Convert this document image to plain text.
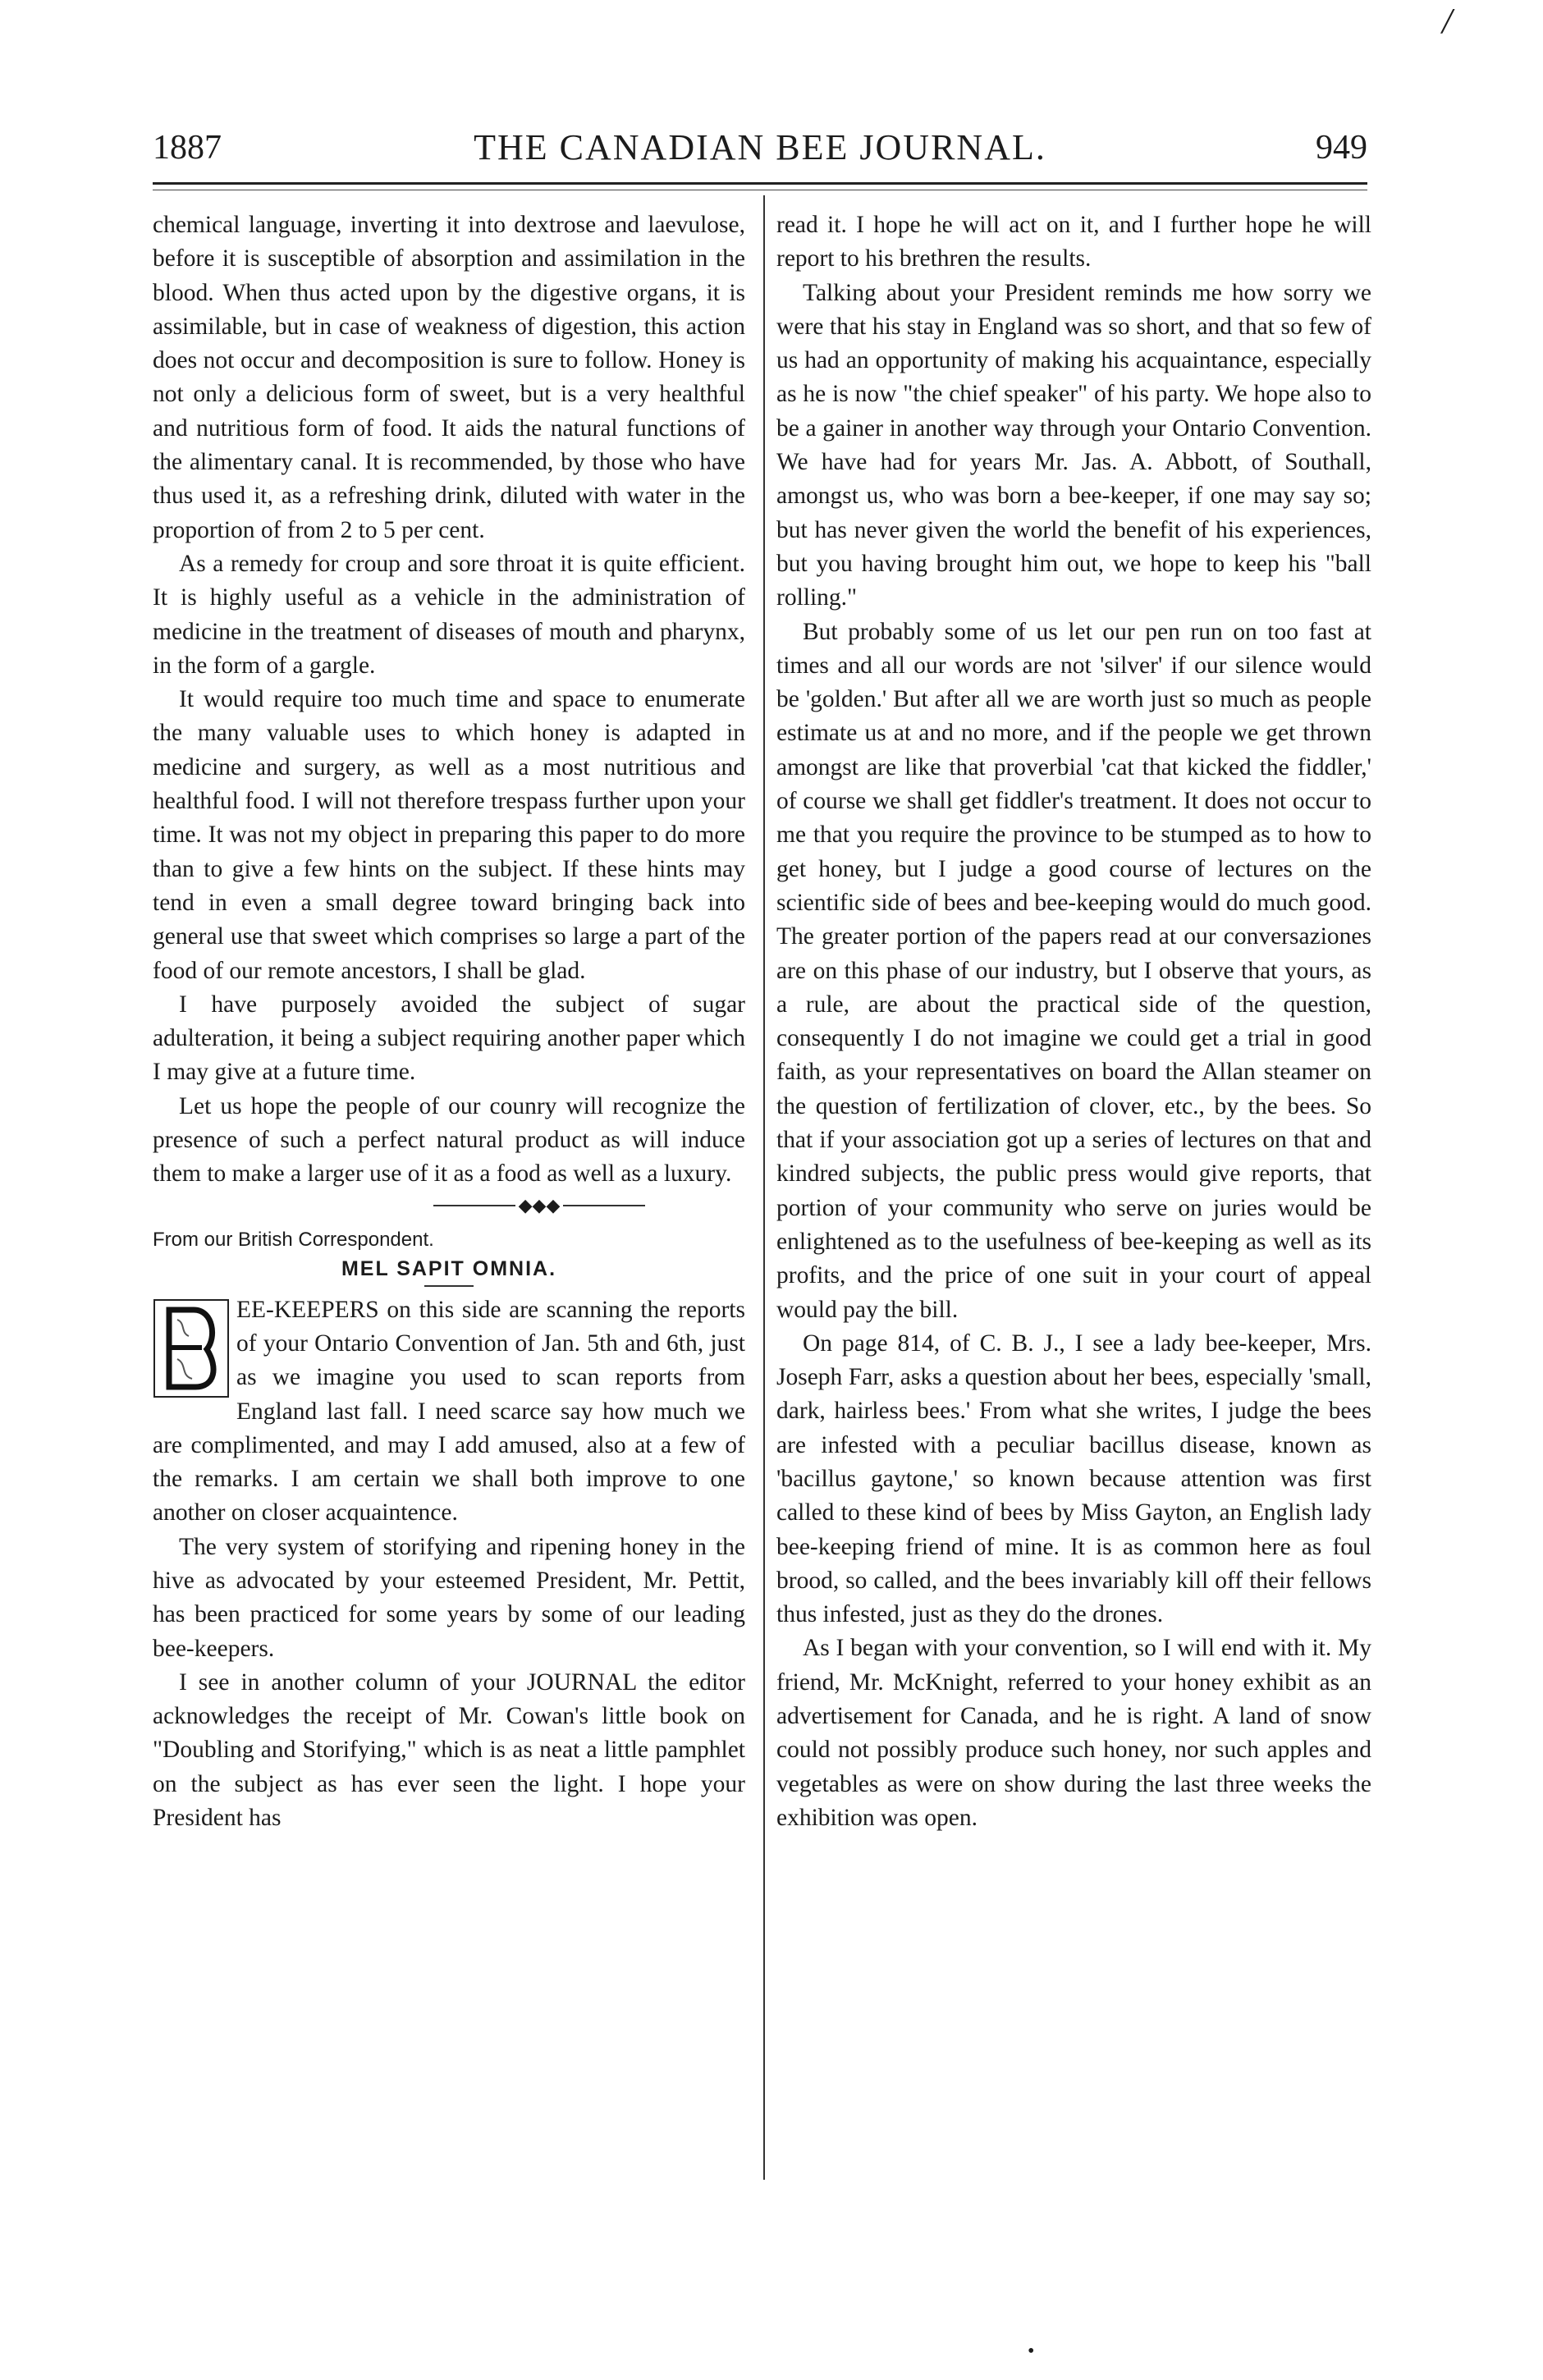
/
1887	THE CANADIAN BEE JOURNAL.	949

chemical language, inverting it into dextrose and laevulose, before it is susceptible of absorption and assimilation in the blood. When thus acted upon by the digestive organs, it is assimilable, but in case of weakness of digestion, this action does not occur and decomposition is sure to follow. Honey is not only a delicious form of sweet, but is a very healthful and nutritious form of food. It aids the natural functions of the alimentary canal. It is recommended, by those who have thus used it, as a refreshing drink, diluted with water in the proportion of from 2 to 5 per cent.

As a remedy for croup and sore throat it is quite efficient. It is highly useful as a vehicle in the administration of medicine in the treatment of diseases of mouth and pharynx, in the form of a gargle.

It would require too much time and space to enumerate the many valuable uses to which honey is adapted in medicine and surgery, as well as a most nutritious and healthful food. I will not therefore trespass further upon your time. It was not my object in preparing this paper to do more than to give a few hints on the subject. If these hints may tend in even a small degree toward bringing back into general use that sweet which comprises so large a part of the food of our remote ancestors, I shall be glad.

I have purposely avoided the subject of sugar adulteration, it being a subject requiring another paper which I may give at a future time.

Let us hope the people of our counry will recognize the presence of such a perfect natural product as will induce them to make a larger use of it as a food as well as a luxury.

◆◆◆
From our British Correspondent.
MEL SAPIT OMNIA.

EE-KEEPERS on this side are scanning the reports of your Ontario Convention of Jan. 5th and 6th, just as we imagine you used to scan reports from England last fall. I need scarce say how much we are complimented, and may I add amused, also at a few of the remarks. I am certain we shall both improve to one another on closer acquaintence.

The very system of storifying and ripening honey in the hive as advocated by your esteemed President, Mr. Pettit, has been practiced for some years by some of our leading bee-keepers.

I see in another column of your JOURNAL the editor acknowledges the receipt of Mr. Cowan's little book on "Doubling and Storifying," which is as neat a little pamphlet on the subject as has ever seen the light. I hope your President has

read it. I hope he will act on it, and I further hope he will report to his brethren the results.

Talking about your President reminds me how sorry we were that his stay in England was so short, and that so few of us had an opportunity of making his acquaintance, especially as he is now "the chief speaker" of his party. We hope also to be a gainer in another way through your Ontario Convention. We have had for years Mr. Jas. A. Abbott, of Southall, amongst us, who was born a bee-keeper, if one may say so; but has never given the world the benefit of his experiences, but you having brought him out, we hope to keep his "ball rolling."

But probably some of us let our pen run on too fast at times and all our words are not 'silver' if our silence would be 'golden.' But after all we are worth just so much as people estimate us at and no more, and if the people we get thrown amongst are like that proverbial 'cat that kicked the fiddler,' of course we shall get fiddler's treatment. It does not occur to me that you require the province to be stumped as to how to get honey, but I judge a good course of lectures on the scientific side of bees and bee-keeping would do much good. The greater portion of the papers read at our conversaziones are on this phase of our industry, but I observe that yours, as a rule, are about the practical side of the question, consequently I do not imagine we could get a trial in good faith, as your representatives on board the Allan steamer on the question of fertilization of clover, etc., by the bees. So that if your association got up a series of lectures on that and kindred subjects, the public press would give reports, that portion of your community who serve on juries would be enlightened as to the usefulness of bee-keeping as well as its profits, and the price of one suit in your court of appeal would pay the bill.

On page 814, of C. B. J., I see a lady bee-keeper, Mrs. Joseph Farr, asks a question about her bees, especially 'small, dark, hairless bees.' From what she writes, I judge the bees are infested with a peculiar bacillus disease, known as 'bacillus gaytone,' so known because attention was first called to these kind of bees by Miss Gayton, an English lady bee-keeping friend of mine. It is as common here as foul brood, so called, and the bees invariably kill off their fellows thus infested, just as they do the drones.

As I began with your convention, so I will end with it. My friend, Mr. McKnight, referred to your honey exhibit as an advertisement for Canada, and he is right. A land of snow could not possibly produce such honey, nor such apples and vegetables as were on show during the last three weeks the exhibition was open.

•
